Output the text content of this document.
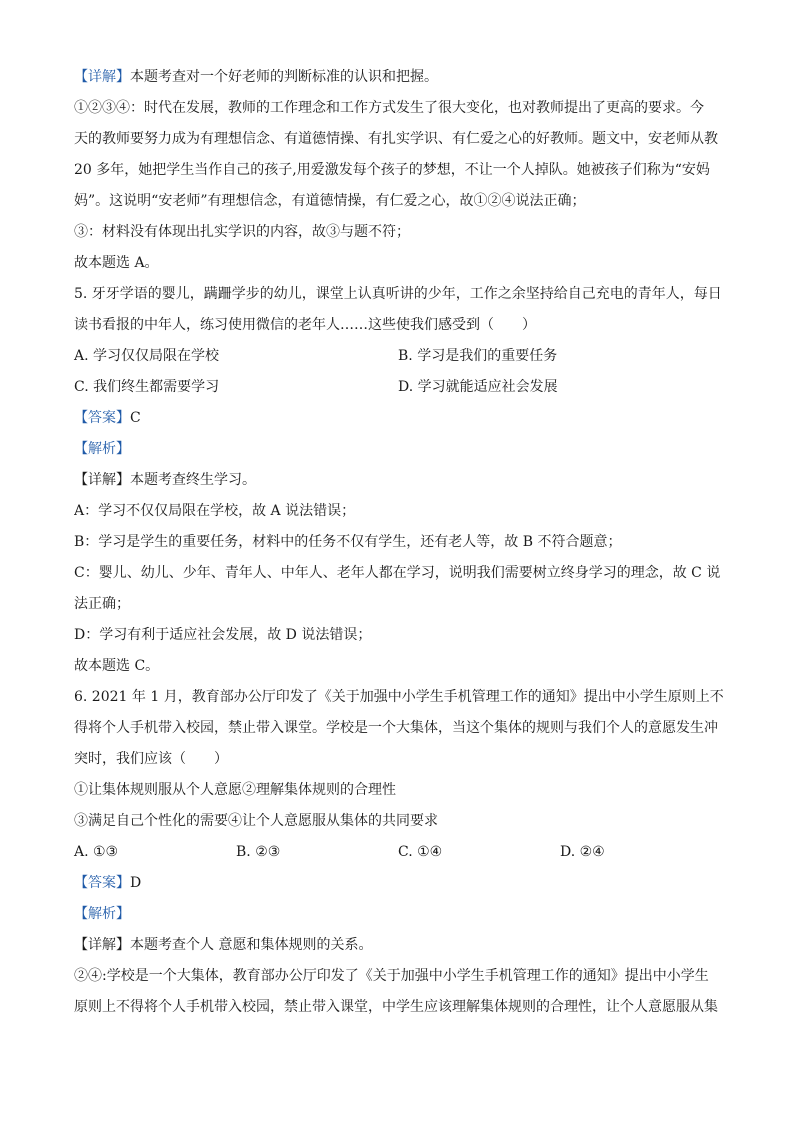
【详解】本题考查对一个好老师的判断标准的认识和把握。
①②③④：时代在发展，教师的工作理念和工作方式发生了很大变化，也对教师提出了更高的要求。今
天的教师要努力成为有理想信念、有道德情操、有扎实学识、有仁爱之心的好教师。题文中，安老师从教
20 多年，她把学生当作自己的孩子,用爱激发每个孩子的梦想，不让一个人掉队。她被孩子们称为“安妈
妈”。这说明“安老师”有理想信念，有道德情操，有仁爱之心，故①②④说法正确；
③：材料没有体现出扎实学识的内容，故③与题不符；
故本题选 A。
5. 牙牙学语的婴儿，蹒跚学步的幼儿，课堂上认真听讲的少年，工作之余坚持给自己充电的青年人，每日
读书看报的中年人，练习使用微信的老年人……这些使我们感受到（　　）
A. 学习仅仅局限在学校	B. 学习是我们的重要任务
C. 我们终生都需要学习	D. 学习就能适应社会发展
【答案】C
【解析】
【详解】本题考查终生学习。
A：学习不仅仅局限在学校，故 A 说法错误；
B：学习是学生的重要任务，材料中的任务不仅有学生，还有老人等，故 B 不符合题意；
C：婴儿、幼儿、少年、青年人、中年人、老年人都在学习，说明我们需要树立终身学习的理念，故 C 说
法正确；
D：学习有利于适应社会发展，故 D 说法错误；
故本题选 C。
6. 2021 年 1 月，教育部办公厅印发了《关于加强中小学生手机管理工作的通知》提出中小学生原则上不
得将个人手机带入校园，禁止带入课堂。学校是一个大集体，当这个集体的规则与我们个人的意愿发生冲
突时，我们应该（　　）
①让集体规则服从个人意愿②理解集体规则的合理性
③满足自己个性化的需要④让个人意愿服从集体的共同要求
A. ①③	B. ②③	C. ①④	D. ②④
【答案】D
【解析】
【详解】本题考查个人 意愿和集体规则的关系。
②④:学校是一个大集体，教育部办公厅印发了《关于加强中小学生手机管理工作的通知》提出中小学生
原则上不得将个人手机带入校园，禁止带入课堂，中学生应该理解集体规则的合理性，让个人意愿服从集
